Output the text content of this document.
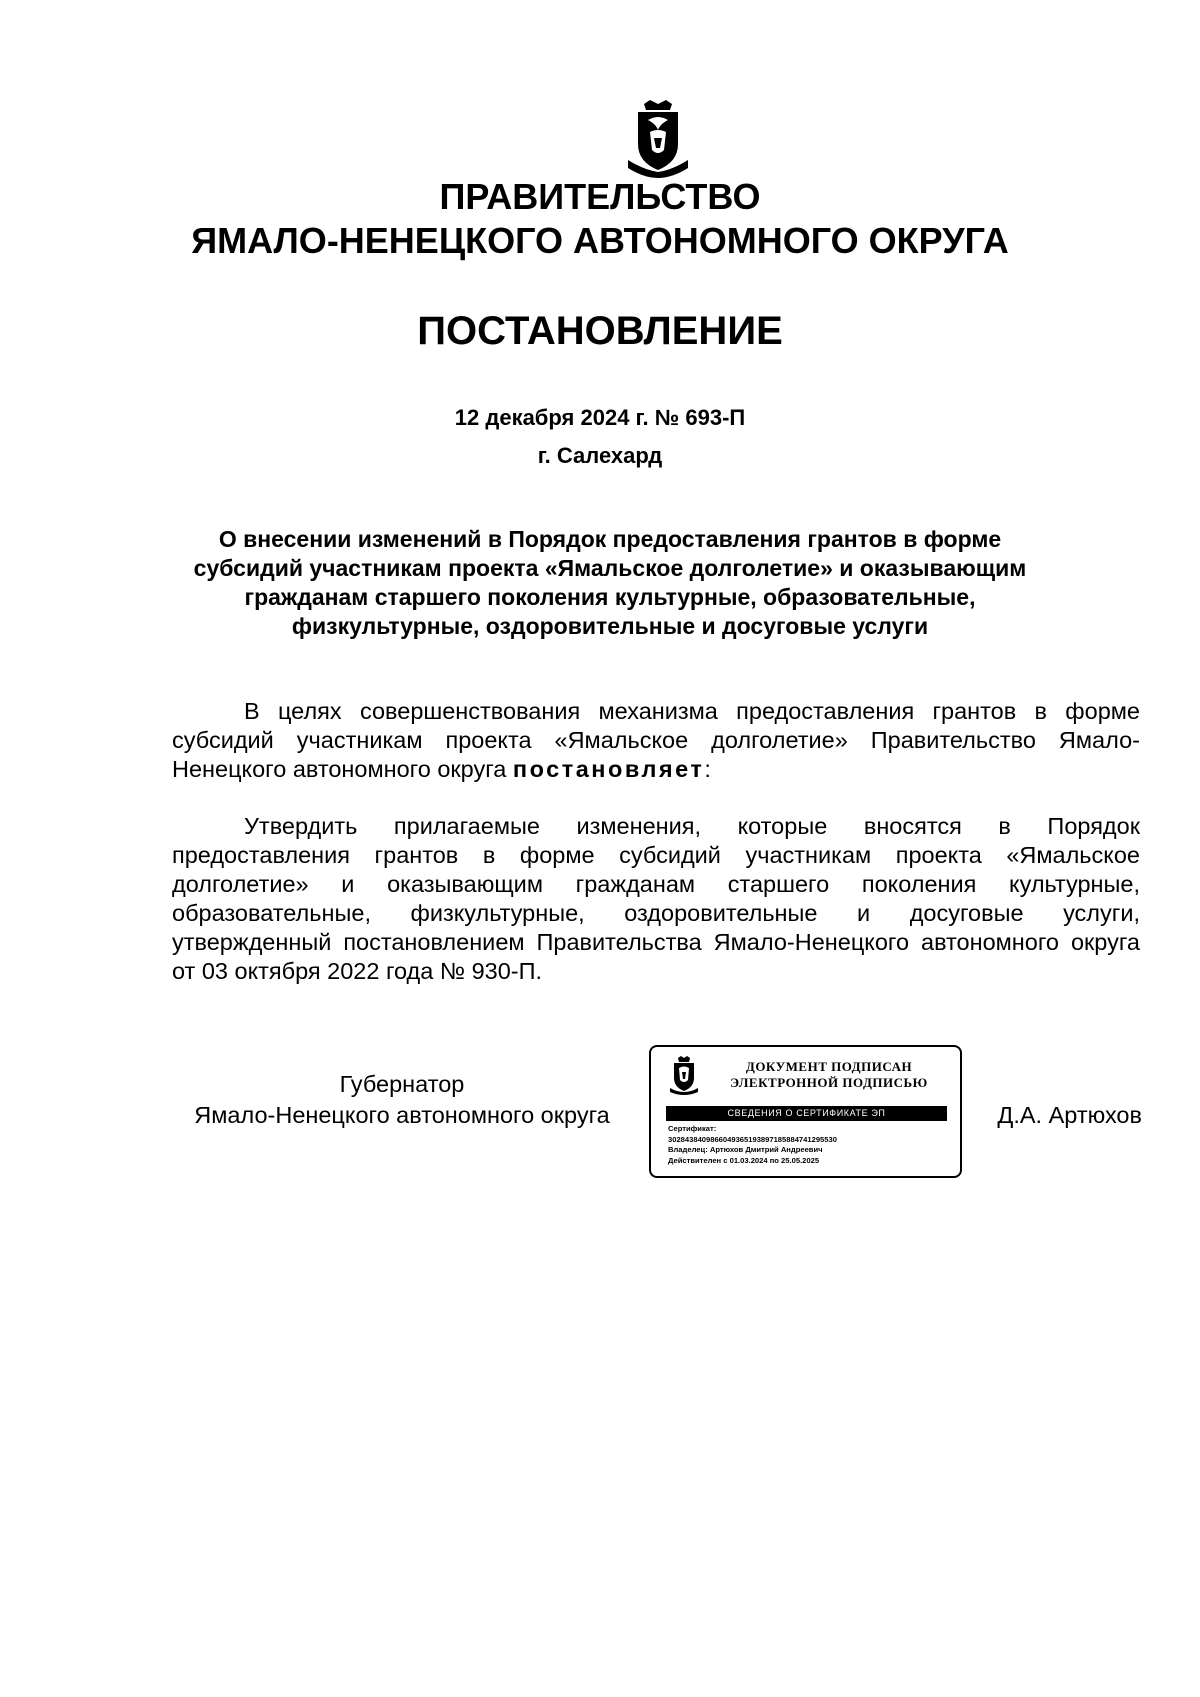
ПРАВИТЕЛЬСТВО
ЯМАЛО-НЕНЕЦКОГО АВТОНОМНОГО ОКРУГА
ПОСТАНОВЛЕНИЕ
12 декабря 2024 г. № 693-П
г. Салехард
О внесении изменений в Порядок предоставления грантов в форме субсидий участникам проекта «Ямальское долголетие» и оказывающим гражданам старшего поколения культурные, образовательные, физкультурные, оздоровительные и досуговые услуги
В целях совершенствования механизма предоставления грантов в форме субсидий участникам проекта «Ямальское долголетие» Правительство Ямало-Ненецкого автономного округа постановляет:
Утвердить прилагаемые изменения, которые вносятся в Порядок предоставления грантов в форме субсидий участникам проекта «Ямальское долголетие» и оказывающим гражданам старшего поколения культурные, образовательные, физкультурные, оздоровительные и досуговые услуги, утвержденный постановлением Правительства Ямало-Ненецкого автономного округа от 03 октября 2022 года № 930-П.
Губернатор
Ямало-Ненецкого автономного округа
ДОКУМЕНТ ПОДПИСАН
ЭЛЕКТРОННОЙ ПОДПИСЬЮ
СВЕДЕНИЯ О СЕРТИФИКАТЕ ЭП
Сертификат:
3028438409866049365193897185884741295530
Владелец: Артюхов Дмитрий Андреевич
Действителен с 01.03.2024 по 25.05.2025
Д.А. Артюхов
